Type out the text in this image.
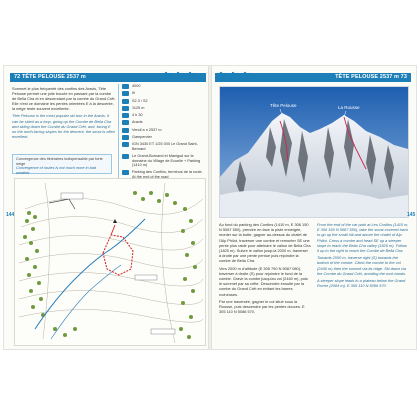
72 TÊTE PELOUSE 2537 m	⛷ ⛷ ⛷

Sommet le plus fréquenté des confins des Aravis, Tête Pelouse permet une jolie boucle en passant par la combe de Bella Cha et en descendant par la combe du Grand Crêt. Elle n'est ce domaine les pentes orientées E à la descente, la neige reste souvent excellente.

Tête Pelouse is the most popular ski tour in the Aravis. It can be skied as a loop, going up the Combe de Bella Cha and skiing down the Combe du Grand Crêt, and, facing E on the north-facing slopes for the descent, the snow is often excellent.

4000
III
S2.3 / S2
1125 m
4 h 30
Aravis
Vendi a n 2537 m
Gampervier
IGN 3430 ET 1/25 000 Le Grand Saint-Bernard
Le Grand-Bornand et Manigod sur le domaine du Village de Ecuelle + Parking (1410 m)
Parking des Confins, terminus de la route.
Convergence des itinéraires indispensable par forte neige
Convergence of routes is not much more in bad weather
144
TÊTE PELOUSE 2537 m 73
⛷ ⛷ ⛷
Tête Pelouse	La Rousse
145

Au fond du parking des Confins (1410 m, E 306 150 N 5087 550), prendre en face la piste enneigée, monter sur la butte, gagner au-dessus du chalet de l'Alp Philot, traverser une combe et remonter SE une pente plus raide pour atteindre le vallon de Bella Cha (1825 m). Suivre le vallon jusqu'à 2000 m, traverser à droite par une pente pentue puis rejoindre la combe de Bella Cha.

Vers 2000 m d'altitude (E 305 790 N 5087 080), traverser à droite (S) pour rejoindre le fond de la combe. Gravir la combe jusqu'au col (2440 m), puis le sommet par sa crête. Descendre ensuite par la combe du Grand Crêt en évitant les barres rocheuses.

Par une traversée, gagner le col situé sous la Rousse, puis descendre par les pentes douces. E 305 110 N 5086 570.

From the end of the car park at Les Confins (1410 m, E 306 150 N 5087 550), take the snow-covered track to go up the small hill and above the chalet of Alp Philot. Cross a combe and head SE up a steeper slope to reach the Bella Cha valley (1825 m). Follow it up to the right to reach the Combe de Bella Cha.

Towards 2000 m, traverse right (S) towards the bottom of the combe. Climb the combe to the col (2440 m) then the summit via its ridge. Ski down via the Combe du Grand Crêt, avoiding the rock bands.

A steeper slope leads to a plateau below the Grand Roche (2084 m). E 305 110 N 5086 570.
